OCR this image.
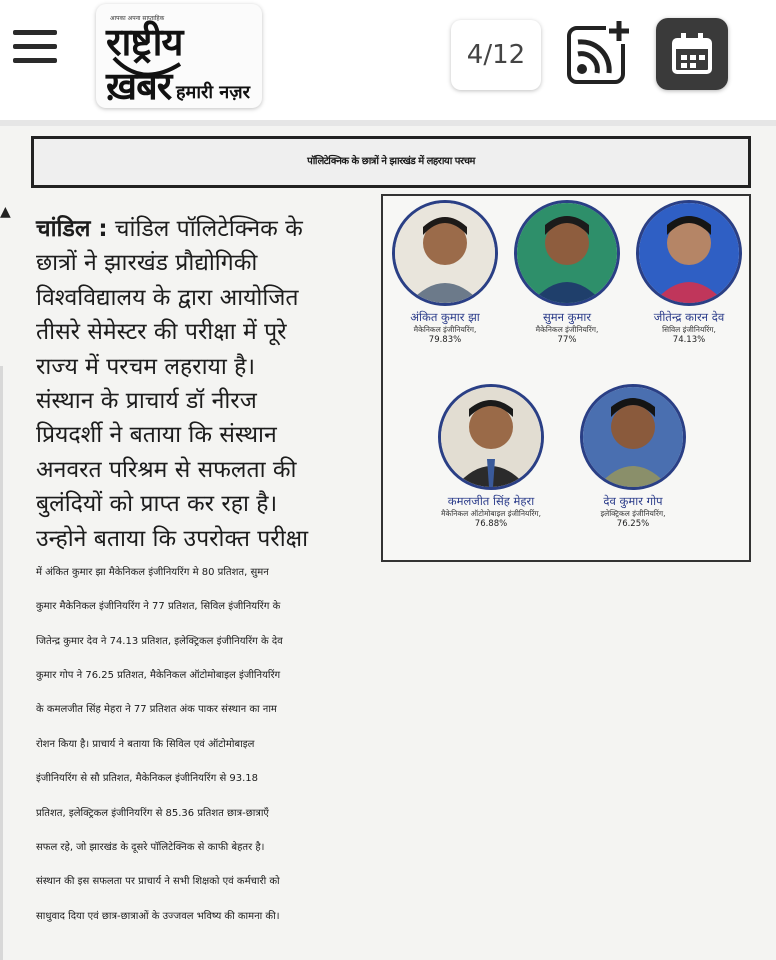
आपका अपना साप्ताहिक
राष्ट्रीय ख़बर हमारी नज़र
4/12
▲
पॉलिटेक्निक के छात्रों ने झारखंड में लहराया परचम
अंकित कुमार झा
मैकेनिकल इंजीनियरिंग,
79.83%
सुमन कुमार
मैकेनिकल इंजीनियरिंग,
77%
जीतेन्द्र कारन देव
सिविल इंजीनियरिंग,
74.13%
कमलजीत सिंह मेहरा
मैकेनिकल ऑटोमोबाइल इंजीनियरिंग,
76.88%
देव कुमार गोप
इलेक्ट्रिकल इंजीनियरिंग,
76.25%
चांडिल : चांडिल पॉलिटेक्निक के
छात्रों ने झारखंड प्रौद्योगिकी
विश्वविद्यालय के द्वारा आयोजित
तीसरे सेमेस्टर की परीक्षा में पूरे
राज्य में परचम लहराया है।
संस्थान के प्राचार्य डॉ नीरज
प्रियदर्शी ने बताया कि संस्थान
अनवरत परिश्रम से सफलता की
बुलंदियों को प्राप्त कर रहा है।
उन्होने बताया कि उपरोक्त परीक्षा
में अंकित कुमार झा मैकेनिकल इंजीनियरिंग मे 80 प्रतिशत, सुमन
कुमार मैकेनिकल इंजीनियरिंग ने 77 प्रतिशत, सिविल इंजीनियरिंग के
जितेन्द्र कुमार देव ने 74.13 प्रतिशत, इलेक्ट्रिकल इंजीनियरिंग के देव
कुमार गोप ने 76.25 प्रतिशत, मैकेनिकल ऑटोमोबाइल इंजीनियरिंग
के कमलजीत सिंह मेहरा ने 77 प्रतिशत अंक पाकर संस्थान का नाम
रोशन किया है। प्राचार्य ने बताया कि सिविल एवं ऑटोमोबाइल
इंजीनियरिंग से सौ प्रतिशत, मैकेनिकल इंजीनियरिंग से 93.18
प्रतिशत, इलेक्ट्रिकल इंजीनियरिंग से 85.36 प्रतिशत छात्र-छात्राएँ
सफल रहे, जो झारखंड के दूसरे पॉलिटेक्निक से काफी बेहतर है।
संस्थान की इस सफलता पर प्राचार्य ने सभी शिक्षको एवं कर्मचारी को
साधुवाद दिया एवं छात्र-छात्राओं के उज्जवल भविष्य की कामना की।
